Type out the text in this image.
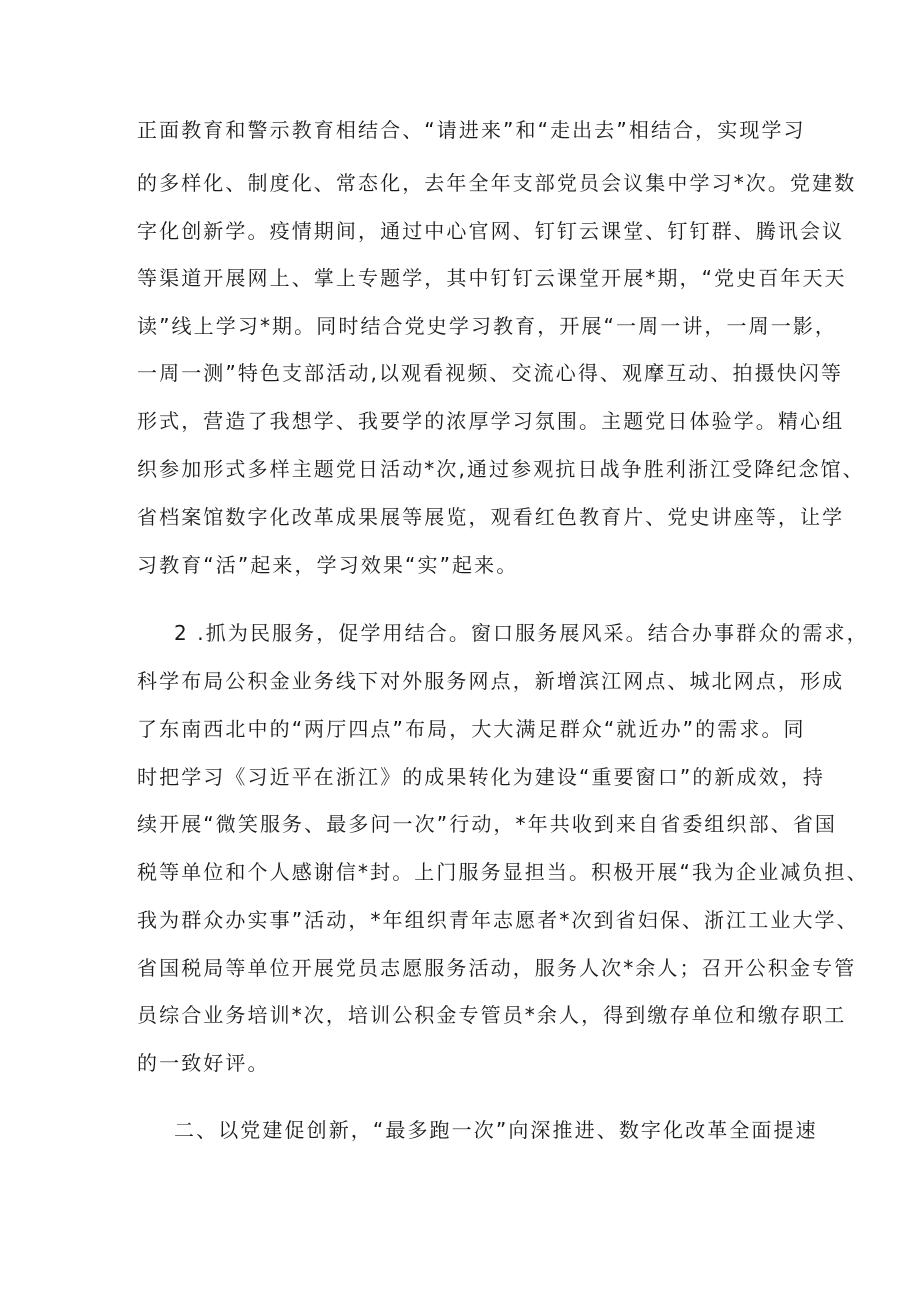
正面教育和警示教育相结合、“请进来”和“走出去”相结合，实现学习
的多样化、制度化、常态化，去年全年支部党员会议集中学习*次。党建数
字化创新学。疫情期间，通过中心官网、钉钉云课堂、钉钉群、腾讯会议
等渠道开展网上、掌上专题学，其中钉钉云课堂开展*期，“党史百年天天
读”线上学习*期。同时结合党史学习教育，开展“一周一讲，一周一影，
一周一测”特色支部活动,以观看视频、交流心得、观摩互动、拍摄快闪等
形式，营造了我想学、我要学的浓厚学习氛围。主题党日体验学。精心组
织参加形式多样主题党日活动*次,通过参观抗日战争胜利浙江受降纪念馆、
省档案馆数字化改革成果展等展览，观看红色教育片、党史讲座等，让学
习教育“活”起来，学习效果“实”起来。
2 .抓为民服务，促学用结合。窗口服务展风采。结合办事群众的需求，
科学布局公积金业务线下对外服务网点，新增滨江网点、城北网点，形成
了东南西北中的“两厅四点”布局，大大满足群众“就近办”的需求。同
时把学习《习近平在浙江》的成果转化为建设“重要窗口”的新成效，持
续开展“微笑服务、最多问一次”行动，*年共收到来自省委组织部、省国
税等单位和个人感谢信*封。上门服务显担当。积极开展“我为企业减负担、
我为群众办实事”活动，*年组织青年志愿者*次到省妇保、浙江工业大学、
省国税局等单位开展党员志愿服务活动，服务人次*余人；召开公积金专管
员综合业务培训*次，培训公积金专管员*余人，得到缴存单位和缴存职工
的一致好评。
二、以党建促创新，“最多跑一次”向深推进、数字化改革全面提速
